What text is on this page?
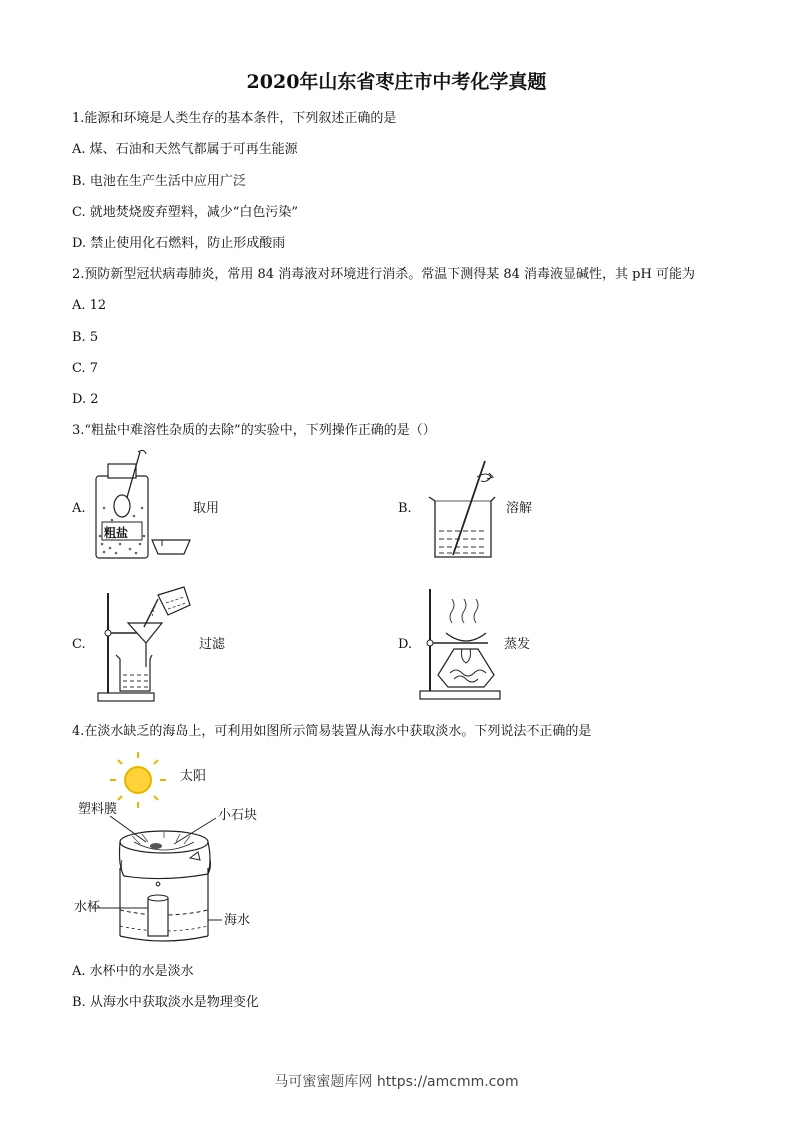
2020年山东省枣庄市中考化学真题
1.能源和环境是人类生存的基本条件，下列叙述正确的是
A. 煤、石油和天然气都属于可再生能源
B. 电池在生产生活中应用广泛
C. 就地焚烧废弃塑料，减少“白色污染”
D. 禁止使用化石燃料，防止形成酸雨
2.预防新型冠状病毒肺炎，常用 84 消毒液对环境进行消杀。常温下测得某 84 消毒液显碱性，其 pH 可能为
A. 12
B. 5
C. 7
D. 2
3.“粗盐中难溶性杂质的去除”的实验中，下列操作正确的是（）
A.
粗盐
取用	B.	溶解
C.	过滤	D.	蒸发
4.在淡水缺乏的海岛上，可利用如图所示简易装置从海水中获取淡水。下列说法不正确的是
太阳
塑料膜	小石块
水杯
海水
A. 水杯中的水是淡水
B. 从海水中获取淡水是物理变化
马可蜜蜜题库网 https://amcmm.com
